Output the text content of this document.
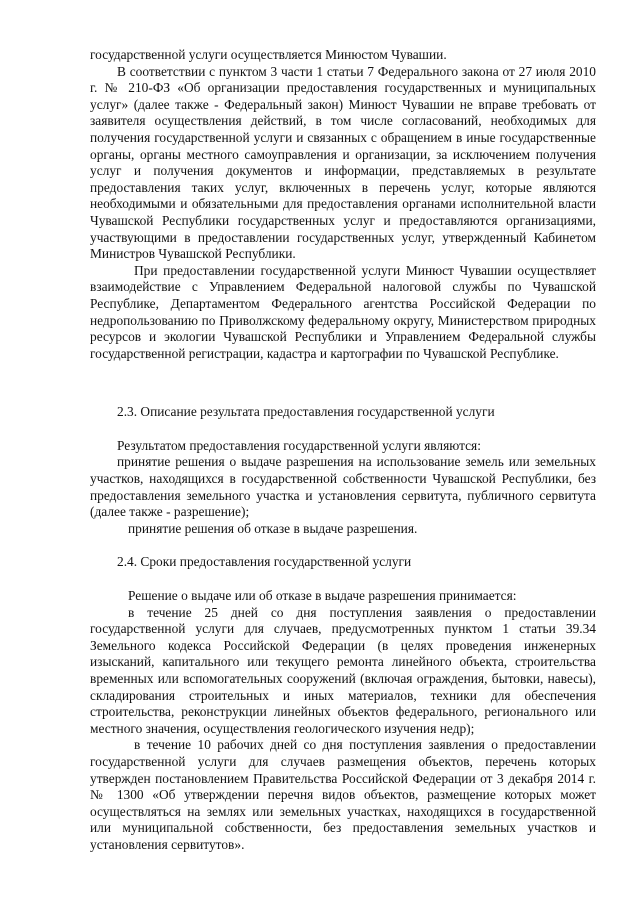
государственной услуги осуществляется Минюстом Чувашии.

В соответствии с пунктом 3 части 1 статьи 7 Федерального закона от 27 июля 2010 г. № 210-ФЗ «Об организации предоставления государственных и муниципальных услуг» (далее также - Федеральный закон) Минюст Чувашии не вправе требовать от заявителя осуществления действий, в том числе согласований, необходимых для получения государственной услуги и связанных с обращением в иные государственные органы, органы местного самоуправления и организации, за исключением получения услуг и получения документов и информации, представляемых в результате предоставления таких услуг, включенных в перечень услуг, которые являются необходимыми и обязательными для предоставления органами исполнительной власти Чувашской Республики государственных услуг и предоставляются организациями, участвующими в предоставлении государственных услуг, утвержденный Кабинетом Министров Чувашской Республики.

При предоставлении государственной услуги Минюст Чувашии осуществляет взаимодействие с Управлением Федеральной налоговой службы по Чувашской Республике, Департаментом Федерального агентства Российской Федерации по недропользованию по Приволжскому федеральному округу, Министерством природных ресурсов и экологии Чувашской Республики и Управлением Федеральной службы государственной регистрации, кадастра и картографии по Чувашской Республике.

2.3. Описание результата предоставления государственной услуги

Результатом предоставления государственной услуги являются:

принятие решения о выдаче разрешения на использование земель или земельных участков, находящихся в государственной собственности Чувашской Республики, без предоставления земельного участка и установления сервитута, публичного сервитута (далее также - разрешение);

принятие решения об отказе в выдаче разрешения.

2.4. Сроки предоставления государственной услуги

Решение о выдаче или об отказе в выдаче разрешения принимается:

в течение 25 дней со дня поступления заявления о предоставлении государственной услуги для случаев, предусмотренных пунктом 1 статьи 39.34 Земельного кодекса Российской Федерации (в целях проведения инженерных изысканий, капитального или текущего ремонта линейного объекта, строительства временных или вспомогательных сооружений (включая ограждения, бытовки, навесы), складирования строительных и иных материалов, техники для обеспечения строительства, реконструкции линейных объектов федерального, регионального или местного значения, осуществления геологического изучения недр);

в течение 10 рабочих дней со дня поступления заявления о предоставлении государственной услуги для случаев размещения объектов, перечень которых утвержден постановлением Правительства Российской Федерации от 3 декабря 2014 г. № 1300 «Об утверждении перечня видов объектов, размещение которых может осуществляться на землях или земельных участках, находящихся в государственной или муниципальной собственности, без предоставления земельных участков и установления сервитутов».
